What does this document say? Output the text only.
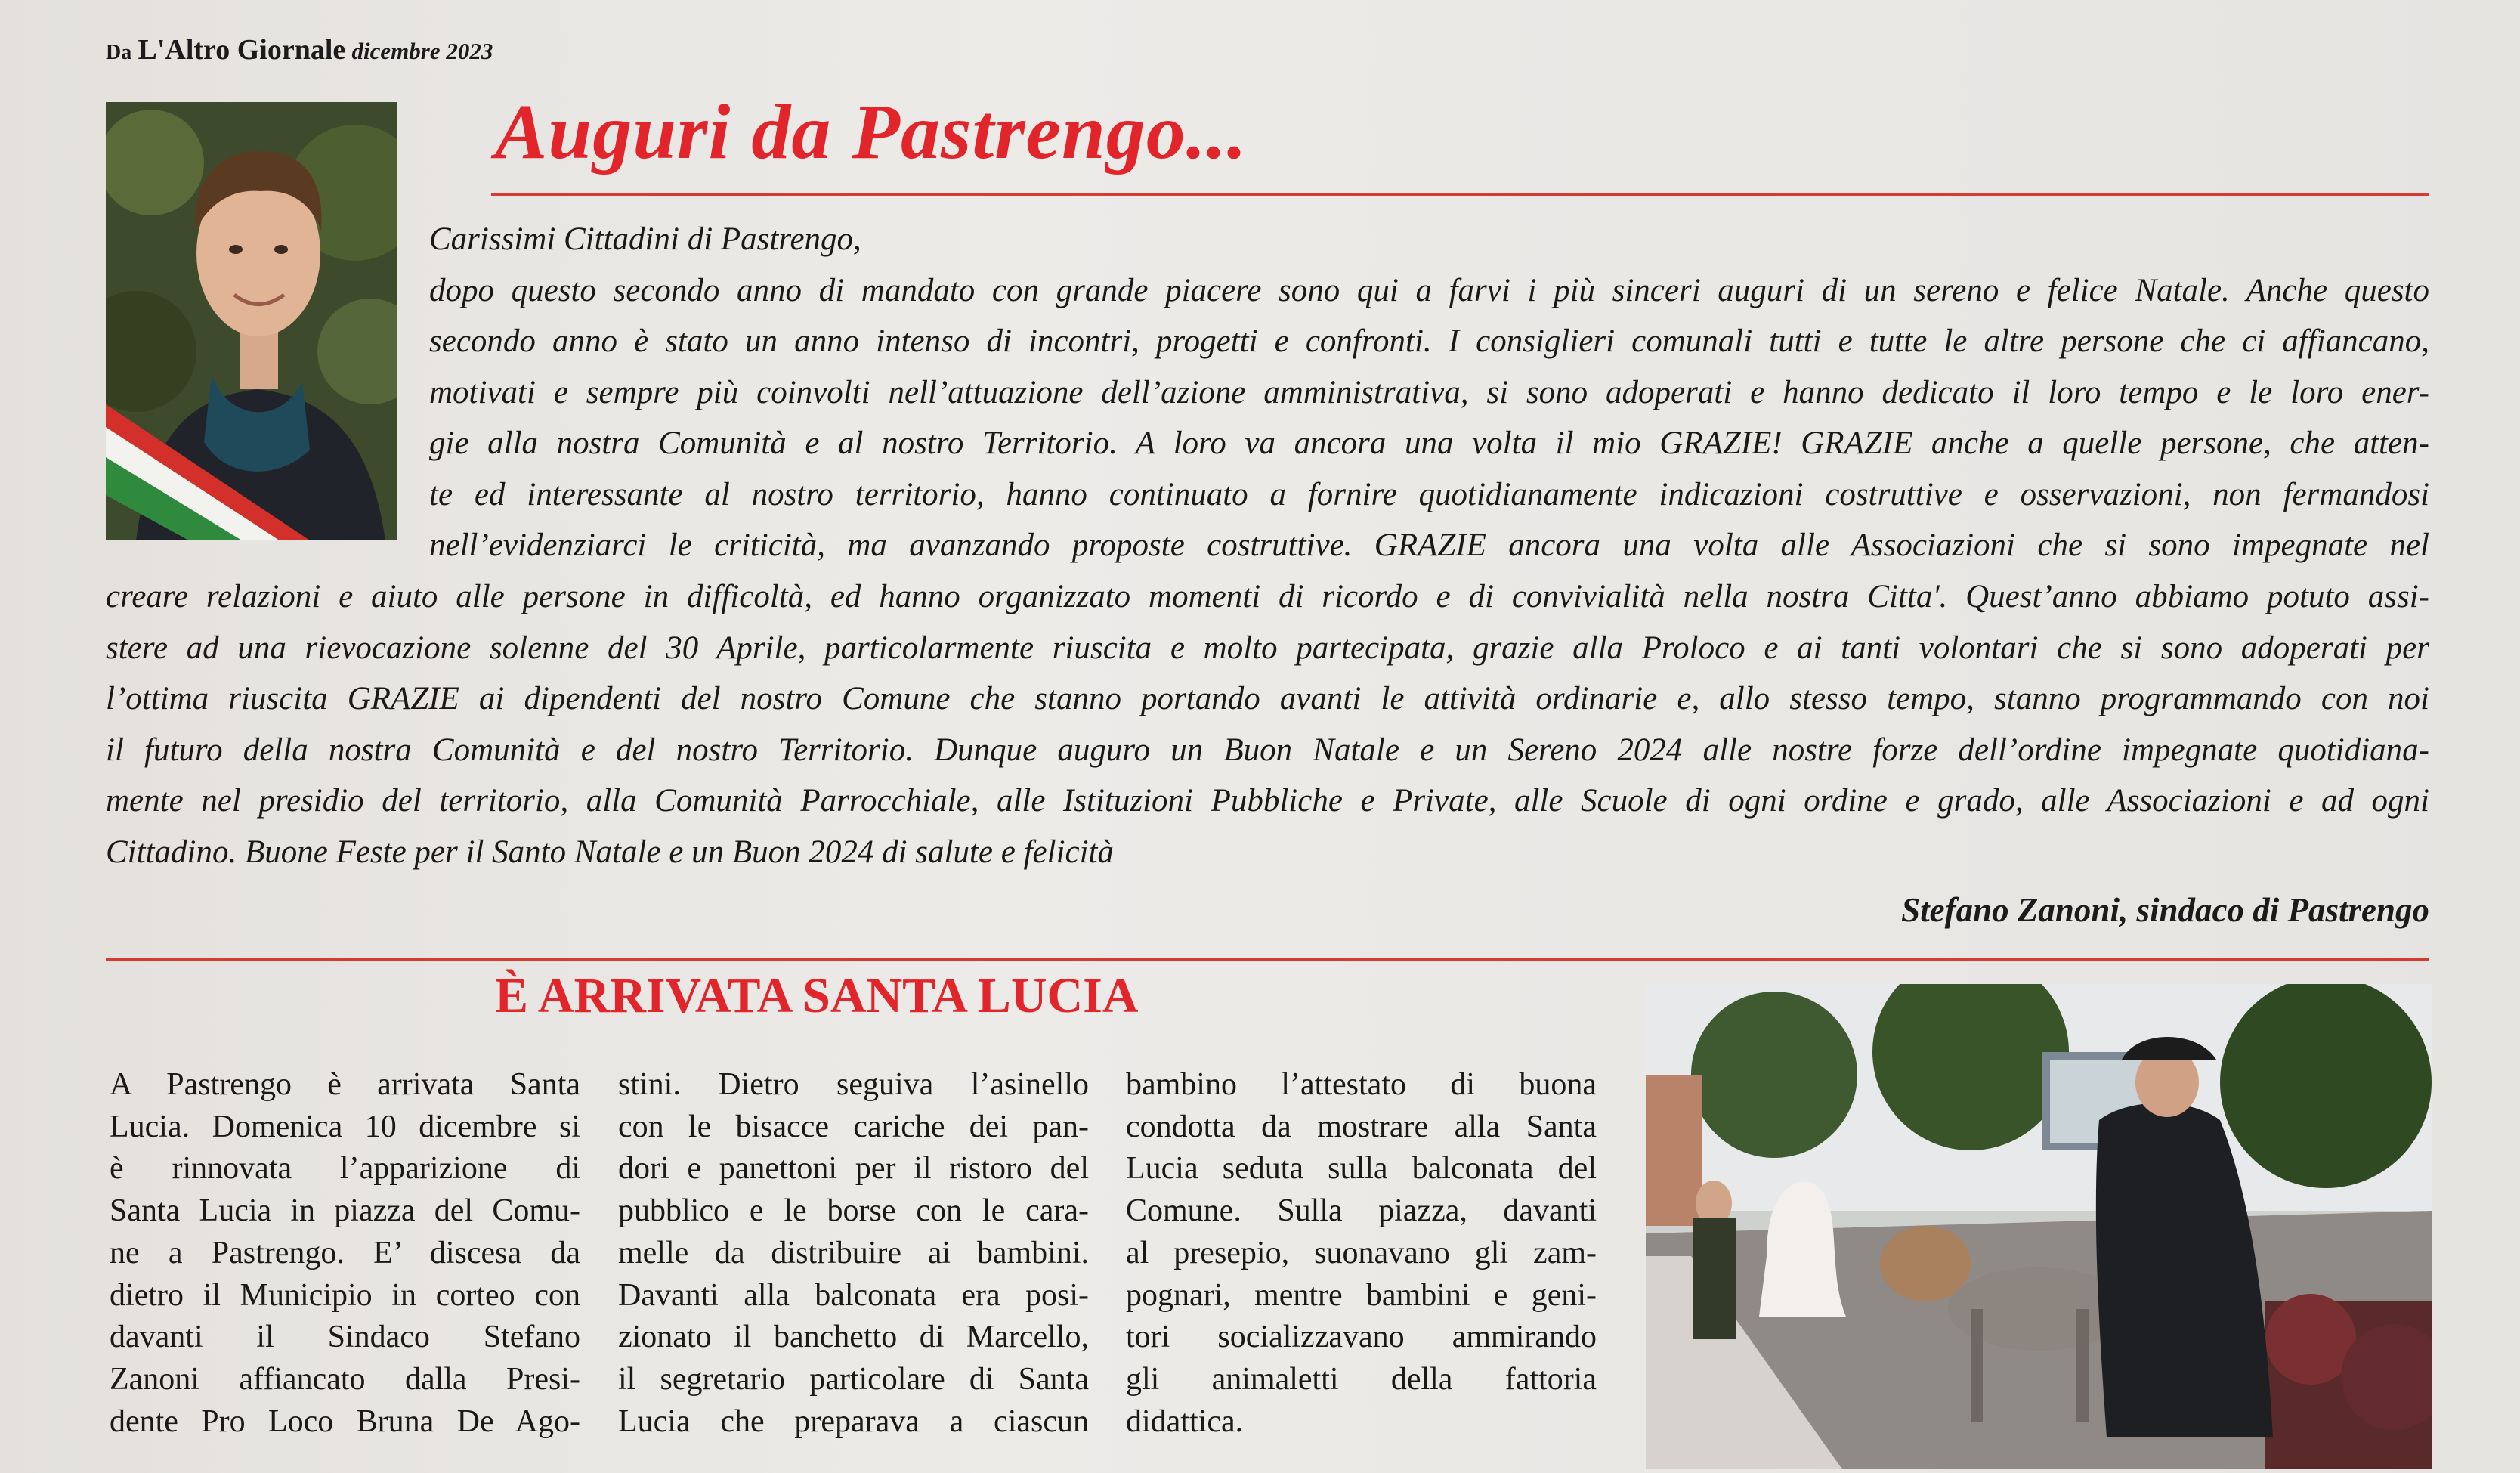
Da L'Altro Giornale dicembre 2023
Auguri da Pastrengo...
Carissimi Cittadini di Pastrengo,
dopo questo secondo anno di mandato con grande piacere sono qui a farvi i più sinceri auguri di un sereno e felice Natale. Anche questo
secondo anno è stato un anno intenso di incontri, progetti e confronti. I consiglieri comunali tutti e tutte le altre persone che ci affiancano,
motivati e sempre più coinvolti nell’attuazione dell’azione amministrativa, si sono adoperati e hanno dedicato il loro tempo e le loro ener-
gie alla nostra Comunità e al nostro Territorio. A loro va ancora una volta il mio GRAZIE! GRAZIE anche a quelle persone, che atten-
te ed interessante al nostro territorio, hanno continuato a fornire quotidianamente indicazioni costruttive e osservazioni, non fermandosi
nell’evidenziarci le criticità, ma avanzando proposte costruttive. GRAZIE ancora una volta alle Associazioni che si sono impegnate nel
creare relazioni e aiuto alle persone in difficoltà, ed hanno organizzato momenti di ricordo e di convivialità nella nostra Citta'. Quest’anno abbiamo potuto assi-
stere ad una rievocazione solenne del 30 Aprile, particolarmente riuscita e molto partecipata, grazie alla Proloco e ai tanti volontari che si sono adoperati per
l’ottima riuscita GRAZIE ai dipendenti del nostro Comune che stanno portando avanti le attività ordinarie e, allo stesso tempo, stanno programmando con noi
il futuro della nostra Comunità e del nostro Territorio. Dunque auguro un Buon Natale e un Sereno 2024 alle nostre forze dell’ordine impegnate quotidiana-
mente nel presidio del territorio, alla Comunità Parrocchiale, alle Istituzioni Pubbliche e Private, alle Scuole di ogni ordine e grado, alle Associazioni e ad ogni
Cittadino. Buone Feste per il Santo Natale e un Buon 2024 di salute e felicità
Stefano Zanoni, sindaco di Pastrengo
È ARRIVATA SANTA LUCIA
A Pastrengo è arrivata Santa
Lucia. Domenica 10 dicembre si
è rinnovata l’apparizione di
Santa Lucia in piazza del Comu-
ne a Pastrengo. E’ discesa da
dietro il Municipio in corteo con
davanti il Sindaco Stefano
Zanoni affiancato dalla Presi-
dente Pro Loco Bruna De Ago-
stini. Dietro seguiva l’asinello
con le bisacce cariche dei pan-
dori e panettoni per il ristoro del
pubblico e le borse con le cara-
melle da distribuire ai bambini.
Davanti alla balconata era posi-
zionato il banchetto di Marcello,
il segretario particolare di Santa
Lucia che preparava a ciascun
bambino l’attestato di buona
condotta da mostrare alla Santa
Lucia seduta sulla balconata del
Comune. Sulla piazza, davanti
al presepio, suonavano gli zam-
pognari, mentre bambini e geni-
tori socializzavano ammirando
gli animaletti della fattoria
didattica.
